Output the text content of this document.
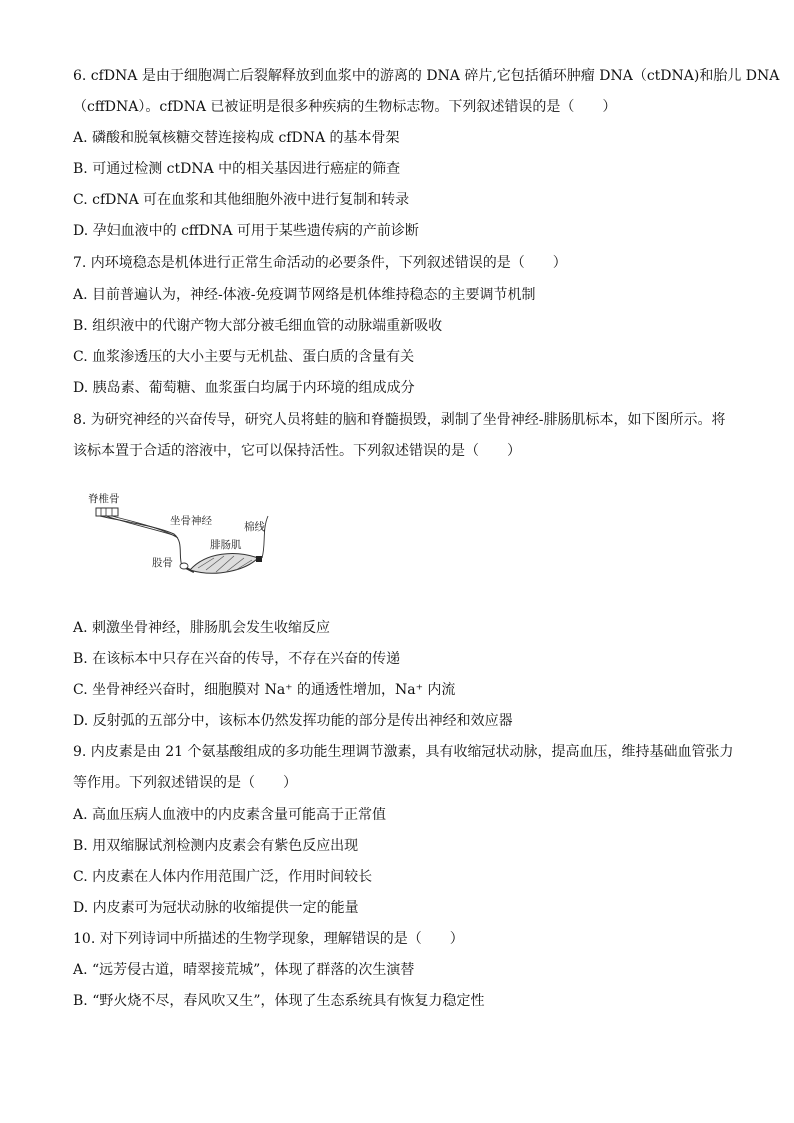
6. cfDNA 是由于细胞凋亡后裂解释放到血浆中的游离的 DNA 碎片,它包括循环肿瘤 DNA（ctDNA)和胎儿 DNA
（cffDNA）。cfDNA 已被证明是很多种疾病的生物标志物。下列叙述错误的是（　　）
A. 磷酸和脱氧核糖交替连接构成 cfDNA 的基本骨架
B. 可通过检测 ctDNA 中的相关基因进行癌症的筛查
C. cfDNA 可在血浆和其他细胞外液中进行复制和转录
D. 孕妇血液中的 cffDNA 可用于某些遗传病的产前诊断
7. 内环境稳态是机体进行正常生命活动的必要条件，下列叙述错误的是（　　）
A. 目前普遍认为，神经-体液-免疫调节网络是机体维持稳态的主要调节机制
B. 组织液中的代谢产物大部分被毛细血管的动脉端重新吸收
C. 血浆渗透压的大小主要与无机盐、蛋白质的含量有关
D. 胰岛素、葡萄糖、血浆蛋白均属于内环境的组成成分
8. 为研究神经的兴奋传导，研究人员将蛙的脑和脊髓损毁，剥制了坐骨神经-腓肠肌标本，如下图所示。将
该标本置于合适的溶液中，它可以保持活性。下列叙述错误的是（　　）
脊椎骨
坐骨神经	棉线
腓肠肌
股骨
A. 刺激坐骨神经，腓肠肌会发生收缩反应
B. 在该标本中只存在兴奋的传导，不存在兴奋的传递
C. 坐骨神经兴奋时，细胞膜对 Na⁺ 的通透性增加，Na⁺ 内流
D. 反射弧的五部分中，该标本仍然发挥功能的部分是传出神经和效应器
9. 内皮素是由 21 个氨基酸组成的多功能生理调节激素，具有收缩冠状动脉，提高血压，维持基础血管张力
等作用。下列叙述错误的是（　　）
A. 高血压病人血液中的内皮素含量可能高于正常值
B. 用双缩脲试剂检测内皮素会有紫色反应出现
C. 内皮素在人体内作用范围广泛，作用时间较长
D. 内皮素可为冠状动脉的收缩提供一定的能量
10. 对下列诗词中所描述的生物学现象，理解错误的是（　　）
A. “远芳侵古道，晴翠接荒城”，体现了群落的次生演替
B. “野火烧不尽，春风吹又生”，体现了生态系统具有恢复力稳定性
